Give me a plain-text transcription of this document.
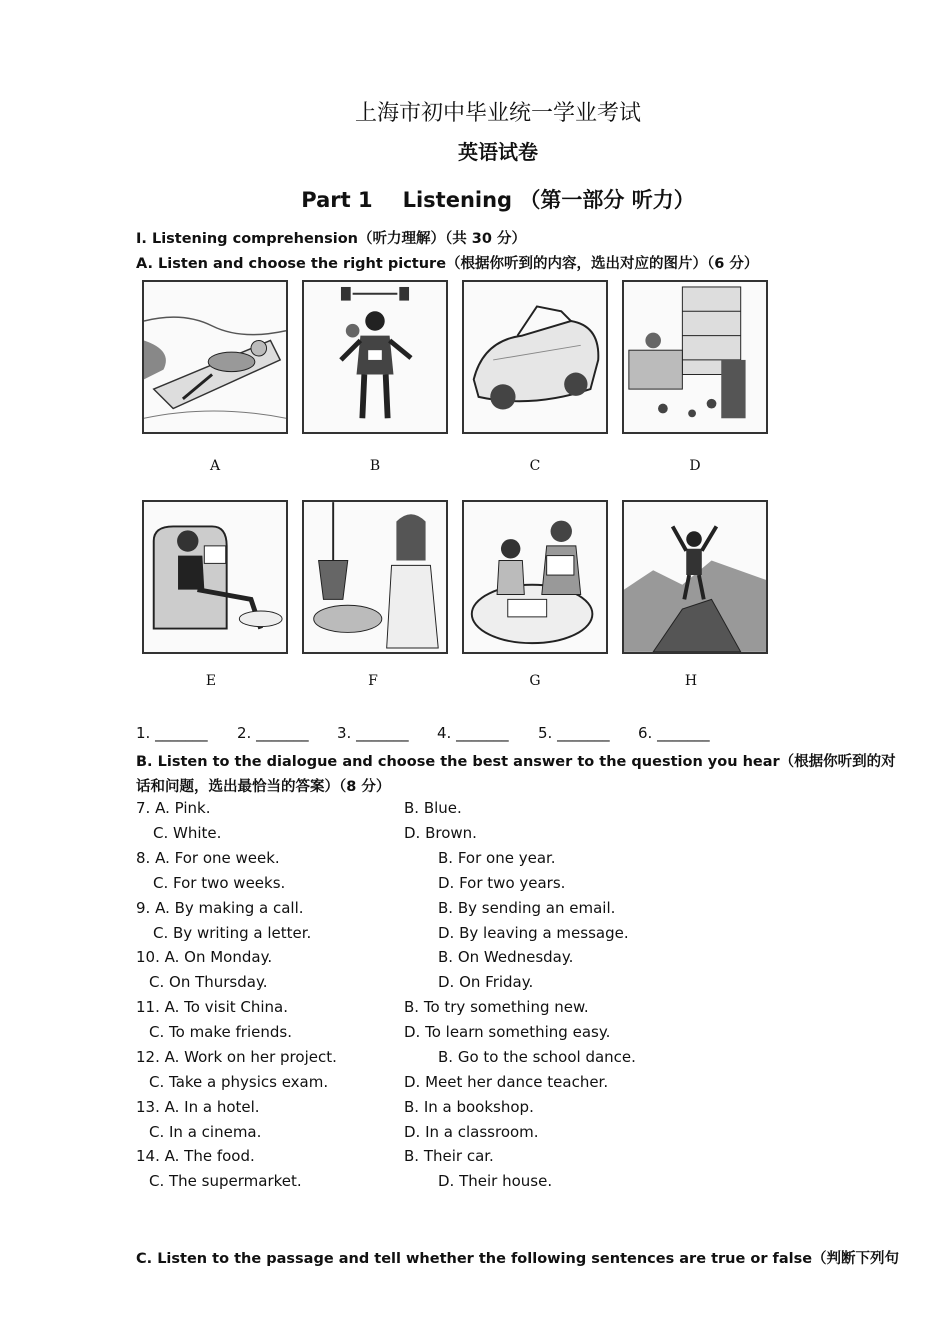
上海市初中毕业统一学业考试
英语试卷
Part 1 Listening （第一部分 听力）
I. Listening comprehension（听力理解）（共 30 分）
A. Listen and choose the right picture（根据你听到的内容，选出对应的图片）（6 分）
A	B	C	D
E	F	G	H
1. _______ 2. _______ 3. _______ 4. _______ 5. _______ 6. _______
B. Listen to the dialogue and choose the best answer to the question you hear（根据你听到的对
话和问题，选出最恰当的答案）（8 分）
7. A. Pink.	B. Blue.
C. White.	D. Brown.
8. A. For one week.	B. For one year.
C. For two weeks.	D. For two years.
9. A. By making a call.	B. By sending an email.
C. By writing a letter.	D. By leaving a message.
10. A. On Monday.	B. On Wednesday.
C. On Thursday.	D. On Friday.
11. A. To visit China.	B. To try something new.
C. To make friends.	D. To learn something easy.
12. A. Work on her project.	B. Go to the school dance.
C. Take a physics exam.	D. Meet her dance teacher.
13. A. In a hotel.	B. In a bookshop.
C. In a cinema.	D. In a classroom.
14. A. The food.	B. Their car.
C. The supermarket.	D. Their house.
C. Listen to the passage and tell whether the following sentences are true or false（判断下列句
